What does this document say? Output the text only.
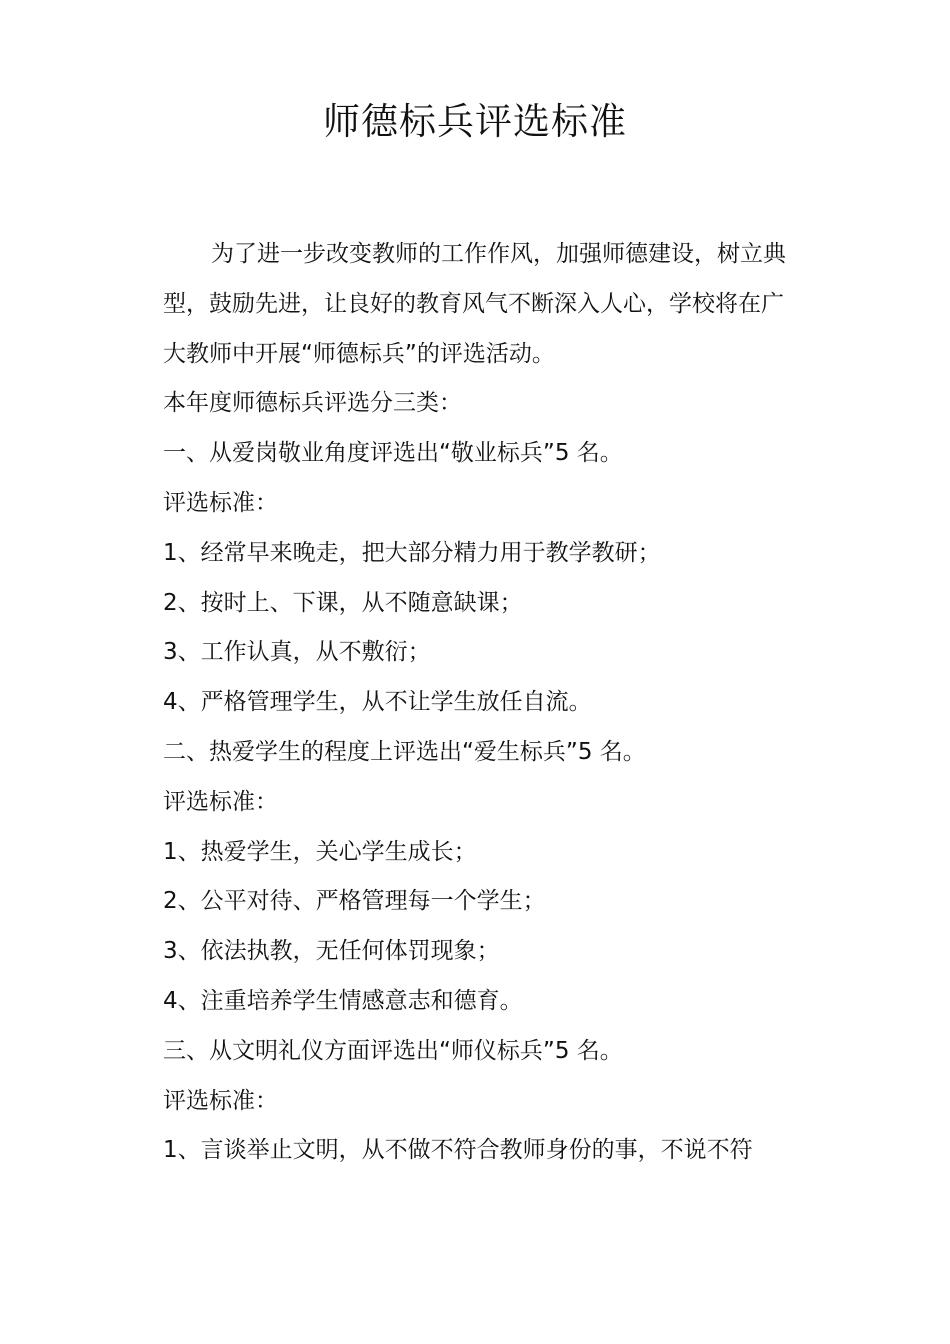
师德标兵评选标准

为了进一步改变教师的工作作风，加强师德建设，树立典型，鼓励先进，让良好的教育风气不断深入人心，学校将在广大教师中开展“师德标兵”的评选活动。

本年度师德标兵评选分三类：

一、从爱岗敬业角度评选出“敬业标兵”5 名。

评选标准：

1、经常早来晚走，把大部分精力用于教学教研；

2、按时上、下课，从不随意缺课；

3、工作认真，从不敷衍；

4、严格管理学生，从不让学生放任自流。

二、热爱学生的程度上评选出“爱生标兵”5 名。

评选标准：

1、热爱学生，关心学生成长；

2、公平对待、严格管理每一个学生；

3、依法执教，无任何体罚现象；

4、注重培养学生情感意志和德育。

三、从文明礼仪方面评选出“师仪标兵”5 名。

评选标准：

1、言谈举止文明，从不做不符合教师身份的事，不说不符
